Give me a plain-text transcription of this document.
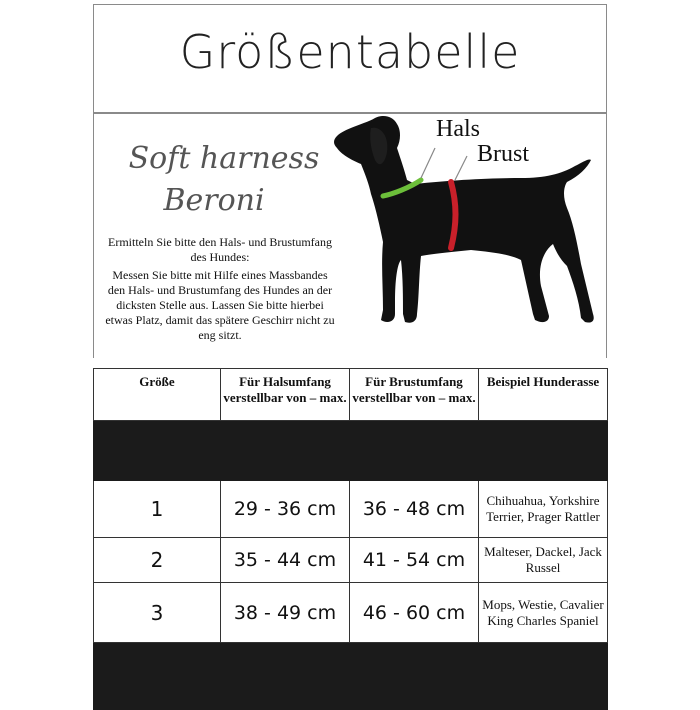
Größentabelle
Soft harness
Beroni
Ermitteln Sie bitte den Hals- und Brustumfang des Hundes:
Messen Sie bitte mit Hilfe eines Massbandes den Hals- und Brustumfang des Hundes an der dicksten Stelle aus. Lassen Sie bitte hierbei etwas Platz, damit das spätere Geschirr nicht zu eng sitzt.
Hals
Brust
Größe	Für Halsumfang verstellbar von – max.	Für Brustumfang verstellbar von – max.	Beispiel Hunderasse

1	29 - 36 cm	36 - 48 cm	Chihuahua, Yorkshire Terrier, Prager Rattler
2	35 - 44 cm	41 - 54 cm	Malteser, Dackel, Jack Russel
3	38 - 49 cm	46 - 60 cm	Mops, Westie, Cavalier King Charles Spaniel
